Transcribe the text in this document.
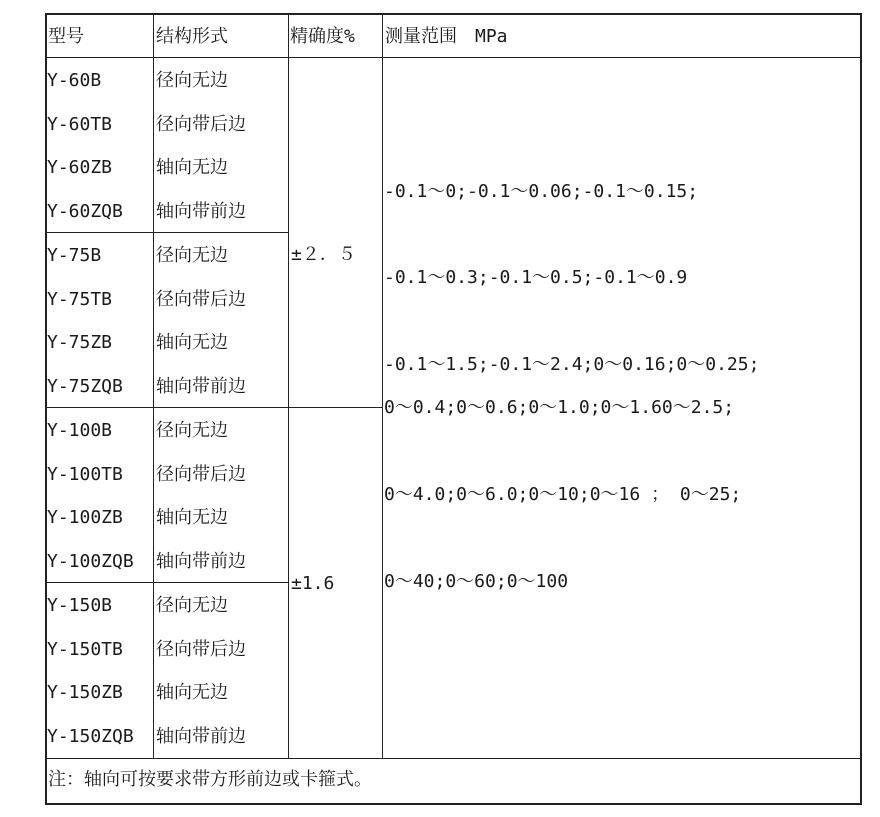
型号	结构形式	精确度% 测量范围　MPa
Y-60B
Y-60TB
Y-60ZB
Y-60ZQB
Y-75B
Y-75TB
Y-75ZB
Y-75ZQB
Y-100B
Y-100TB
Y-100ZB
Y-100ZQB
Y-150B
Y-150TB
Y-150ZB
Y-150ZQB
径向无边
径向带后边
轴向无边
轴向带前边
径向无边
径向带后边
轴向无边
轴向带前边
径向无边
径向带后边
轴向无边
轴向带前边
径向无边
径向带后边
轴向无边
轴向带前边
±２．５
±1.6
-0.1～0;-0.1～0.06;-0.1～0.15;
-0.1～0.3;-0.1～0.5;-0.1～0.9
-0.1～1.5;-0.1～2.4;0～0.16;0～0.25;
0～0.4;0～0.6;0～1.0;0～1.60～2.5;
0～4.0;0～6.0;0～10;0～16 ； 0～25;
0～40;0～60;0～100
注：轴向可按要求带方形前边或卡箍式。
